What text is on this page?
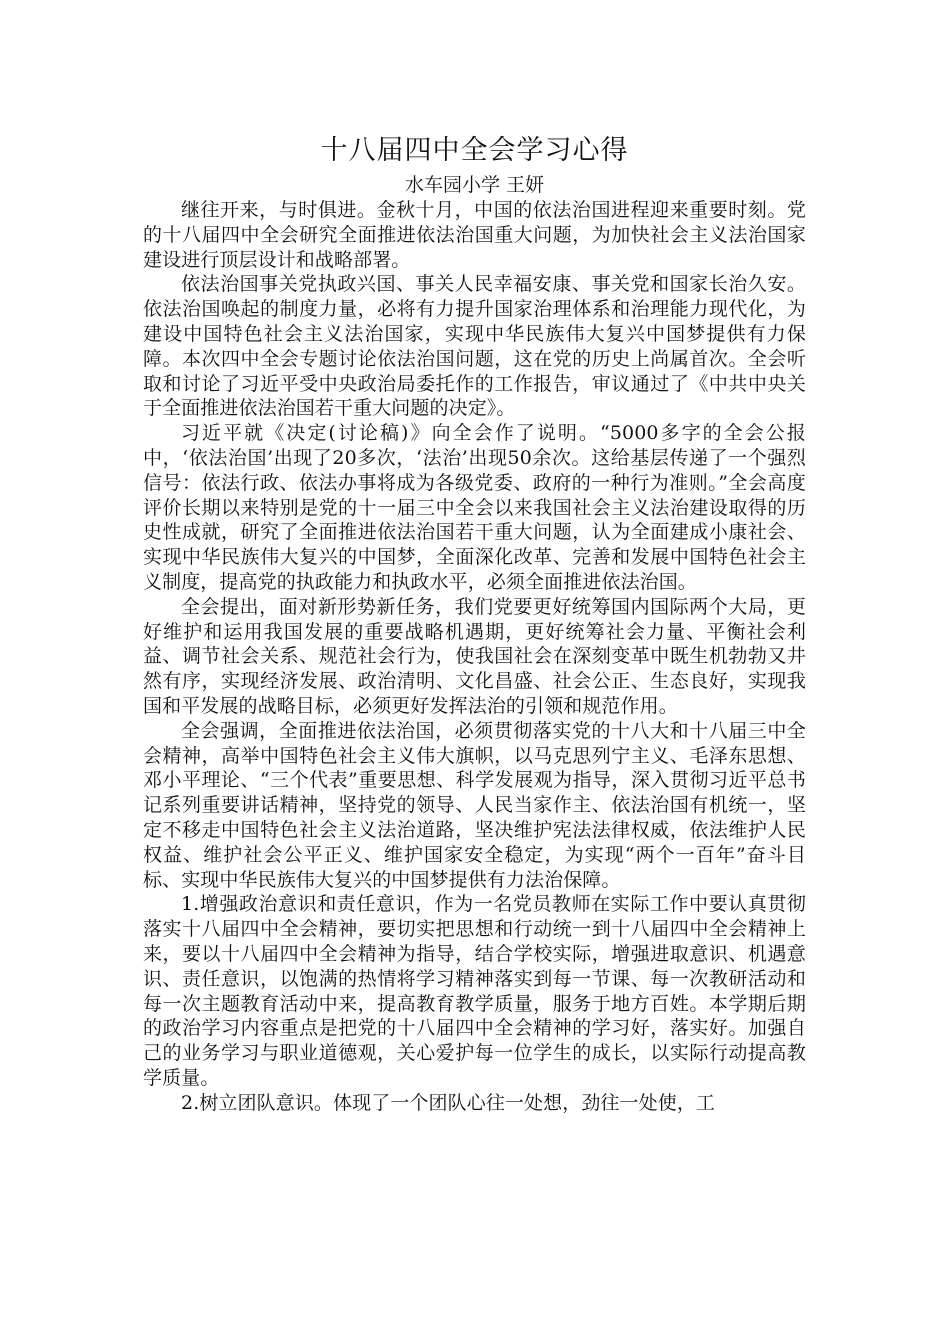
十八届四中全会学习心得

水车园小学 王妍

继往开来，与时俱进。金秋十月，中国的依法治国进程迎来重要时刻。党的十八届四中全会研究全面推进依法治国重大问题，为加快社会主义法治国家建设进行顶层设计和战略部署。

依法治国事关党执政兴国、事关人民幸福安康、事关党和国家长治久安。依法治国唤起的制度力量，必将有力提升国家治理体系和治理能力现代化，为建设中国特色社会主义法治国家，实现中华民族伟大复兴中国梦提供有力保障。本次四中全会专题讨论依法治国问题，这在党的历史上尚属首次。全会听取和讨论了习近平受中央政治局委托作的工作报告，审议通过了《中共中央关于全面推进依法治国若干重大问题的决定》。

习近平就《决定(讨论稿)》向全会作了说明。“5000多字的全会公报中，‘依法治国’出现了20多次，‘法治’出现50余次。这给基层传递了一个强烈信号：依法行政、依法办事将成为各级党委、政府的一种行为准则。”全会高度评价长期以来特别是党的十一届三中全会以来我国社会主义法治建设取得的历史性成就，研究了全面推进依法治国若干重大问题，认为全面建成小康社会、实现中华民族伟大复兴的中国梦，全面深化改革、完善和发展中国特色社会主义制度，提高党的执政能力和执政水平，必须全面推进依法治国。

全会提出，面对新形势新任务，我们党要更好统筹国内国际两个大局，更好维护和运用我国发展的重要战略机遇期，更好统筹社会力量、平衡社会利益、调节社会关系、规范社会行为，使我国社会在深刻变革中既生机勃勃又井然有序，实现经济发展、政治清明、文化昌盛、社会公正、生态良好，实现我国和平发展的战略目标，必须更好发挥法治的引领和规范作用。

全会强调，全面推进依法治国，必须贯彻落实党的十八大和十八届三中全会精神，高举中国特色社会主义伟大旗帜，以马克思列宁主义、毛泽东思想、邓小平理论、“三个代表”重要思想、科学发展观为指导，深入贯彻习近平总书记系列重要讲话精神，坚持党的领导、人民当家作主、依法治国有机统一，坚定不移走中国特色社会主义法治道路，坚决维护宪法法律权威，依法维护人民权益、维护社会公平正义、维护国家安全稳定，为实现“两个一百年”奋斗目标、实现中华民族伟大复兴的中国梦提供有力法治保障。

1.增强政治意识和责任意识，作为一名党员教师在实际工作中要认真贯彻落实十八届四中全会精神，要切实把思想和行动统一到十八届四中全会精神上来，要以十八届四中全会精神为指导，结合学校实际，增强进取意识、机遇意识、责任意识，以饱满的热情将学习精神落实到每一节课、每一次教研活动和每一次主题教育活动中来，提高教育教学质量，服务于地方百姓。本学期后期的政治学习内容重点是把党的十八届四中全会精神的学习好，落实好。加强自己的业务学习与职业道德观，关心爱护每一位学生的成长，以实际行动提高教学质量。

2.树立团队意识。体现了一个团队心往一处想，劲往一处使，工
